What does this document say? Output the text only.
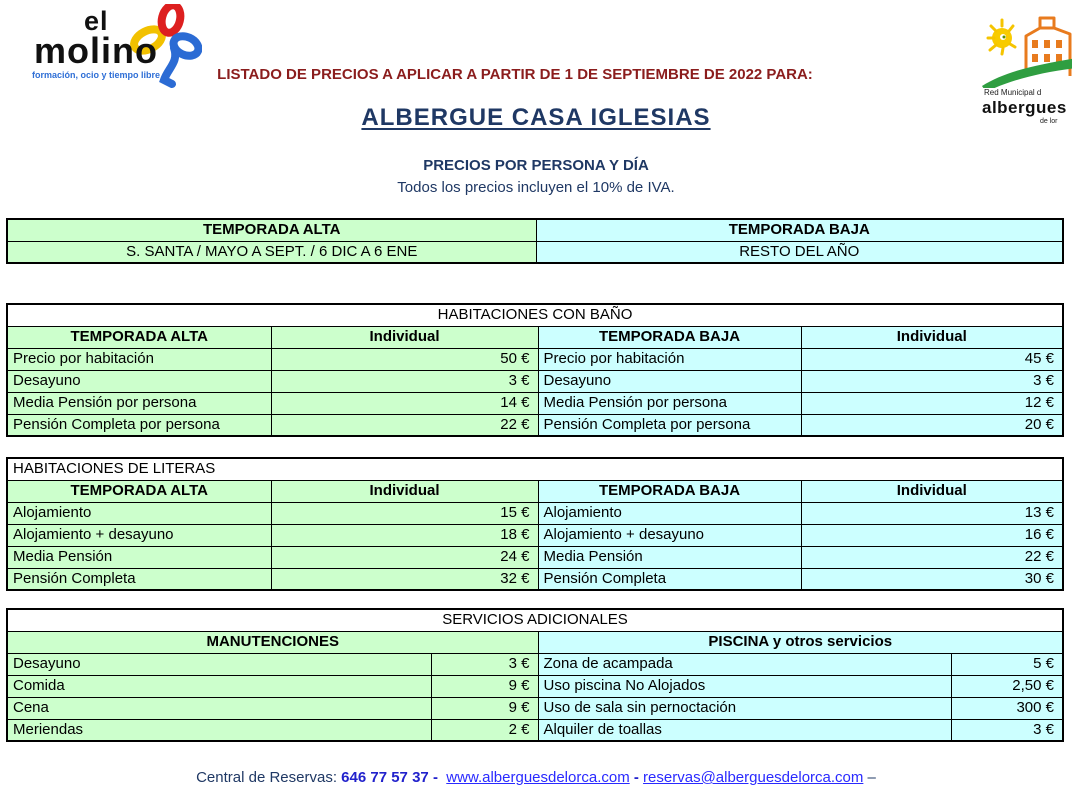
el
molino
formación, ocio y tiempo libre
Red Municipal d
albergues
de lor
LISTADO DE PRECIOS A APLICAR A PARTIR DE 1 DE SEPTIEMBRE DE 2022 PARA:
ALBERGUE CASA IGLESIAS
PRECIOS POR PERSONA Y DÍA
Todos los precios incluyen el 10% de IVA.
TEMPORADA ALTA	TEMPORADA BAJA
S. SANTA / MAYO A SEPT. / 6 DIC A 6 ENE	RESTO DEL AÑO
HABITACIONES CON BAÑO			
TEMPORADA ALTA	Individual	TEMPORADA BAJA	Individual
Precio por habitación	50 €	Precio por habitación	45 €
Desayuno	3 €	Desayuno	3 €
Media Pensión por persona	14 €	Media Pensión por persona	12 €
Pensión Completa por persona	22 €	Pensión Completa por persona	20 €
HABITACIONES DE LITERAS			
TEMPORADA ALTA	Individual	TEMPORADA BAJA	Individual
Alojamiento	15 €	Alojamiento	13 €
Alojamiento + desayuno	18 €	Alojamiento + desayuno	16 €
Media Pensión	24 €	Media Pensión	22 €
Pensión Completa	32 €	Pensión Completa	30 €
SERVICIOS ADICIONALES			
MANUTENCIONES		PISCINA y otros servicios	
Desayuno	3 €	Zona de acampada	5 €
Comida	9 €	Uso piscina No Alojados	2,50 €
Cena	9 €	Uso de sala sin pernoctación	300 €
Meriendas	2 €	Alquiler de toallas	3 €
Central de Reservas: 646 77 57 37 - www.alberguesdelorca.com - reservas@alberguesdelorca.com –
